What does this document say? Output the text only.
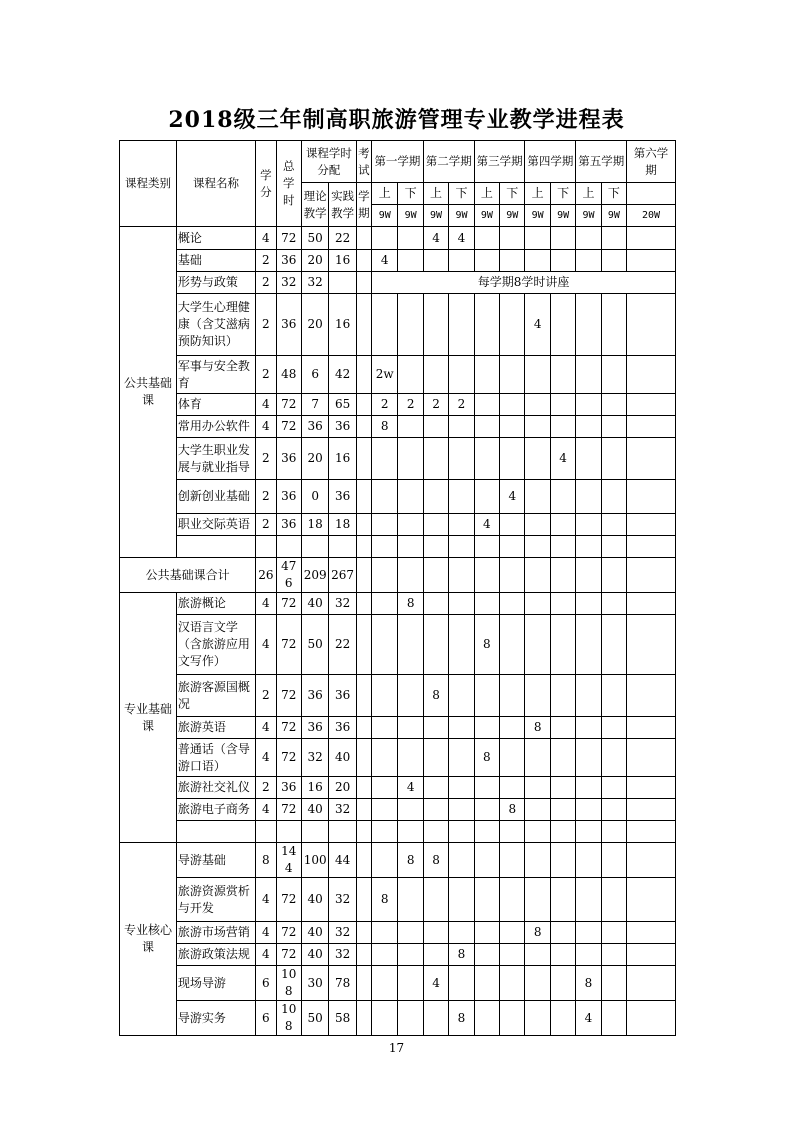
2018级三年制高职旅游管理专业教学进程表
课程类别	课程名称	学分	总学时	课程学时分配		考试	第一学期		第二学期		第三学期		第四学期		第五学期		第六学期
				理论教学	实践教学	学期	上	下	上	下	上	下	上	下	上	下	
							9W	9W	9W	9W	9W	9W	9W	9W	9W	9W	20W
公共基础课	概论	4	72	50	22				4	4							
	基础	2	36	20	16		4										
	形势与政策	2	32	32			每学期8学时讲座										
	大学生心理健康（含艾滋病预防知识）	2	36	20	16								4				
	军事与安全教育	2	48	6	42		2w										
	体育	4	72	7	65		2	2	2	2							
	常用办公软件	4	72	36	36		8										
	大学生职业发展与就业指导	2	36	20	16									4			
	创新创业基础	2	36	0	36							4					
	职业交际英语	2	36	18	18						4						

公共基础课合计		26	476	209	267												
专业基础课	旅游概论	4	72	40	32			8									
	汉语言文学（含旅游应用文写作）	4	72	50	22						8						
	旅游客源国概况	2	72	36	36				8								
	旅游英语	4	72	36	36								8				
	普通话（含导游口语）	4	72	32	40						8						
	旅游社交礼仪	2	36	16	20			4									
	旅游电子商务	4	72	40	32							8					

专业核心课	导游基础	8	144	100	44			8	8								
	旅游资源赏析与开发	4	72	40	32		8										
	旅游市场营销	4	72	40	32								8				
	旅游政策法规	4	72	40	32					8							
	现场导游	6	108	30	78				4						8		
	导游实务	6	108	50	58					8					4		
17
